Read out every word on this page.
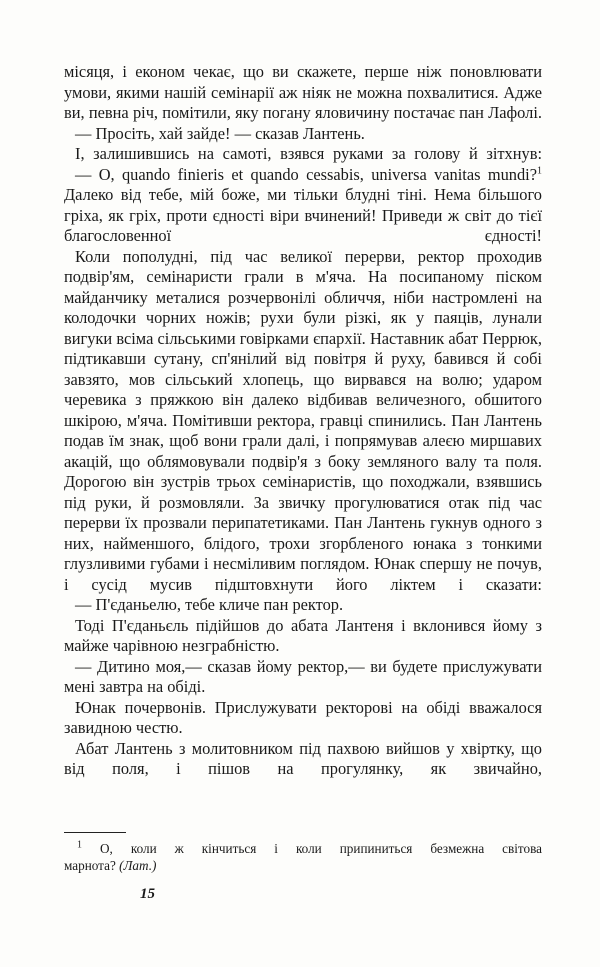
місяця, і економ чекає, що ви скажете, перше ніж поновлювати умови, якими нашій семінарії аж ніяк не можна похвалитися. Адже ви, певна річ, помітили, яку погану яловичину постачає пан Лафолі.

— Просіть, хай зайде! — сказав Лантень.

І, залишившись на самоті, взявся руками за голову й зітхнув:

— О, quando finieris et quando cessabis, universa vanitas mundi?$^1$ Далеко від тебе, мій боже, ми тільки блудні тіні. Нема більшого гріха, як гріх, проти єдності віри вчинений! Приведи ж світ до тієї благословенної єдності!

Коли пополудні, під час великої перерви, ректор проходив подвір'ям, семінаристи грали в м'яча. На посипаному піском майданчику металися розчервонілі обличчя, ніби настромлені на колодочки чорних ножів; рухи були різкі, як у паяців, лунали вигуки всіма сільськими говірками єпархії. Наставник абат Перрюк, підтикавши сутану, сп'янілий від повітря й руху, бавився й собі завзято, мов сільський хлопець, що вирвався на волю; ударом черевика з пряжкою він далеко відбивав величезного, обшитого шкірою, м'яча. Помітивши ректора, гравці спинились. Пан Лантень подав їм знак, щоб вони грали далі, і попрямував алеєю миршавих акацій, що облямовували подвір'я з боку земляного валу та поля. Дорогою він зустрів трьох семінаристів, що походжали, взявшись під руки, й розмовляли. За звичку прогулюватися отак під час перерви їх прозвали перипатетиками. Пан Лантень гукнув одного з них, найменшого, блідого, трохи згорбленого юнака з тонкими глузливими губами і несміливим поглядом. Юнак спершу не почув, і сусід мусив підштовхнути його ліктем і сказати:

— П'єданьелю, тебе кличе пан ректор.

Тоді П'єданьєль підійшов до абата Лантеня і вклонився йому з майже чарівною незграбністю.

— Дитино моя,— сказав йому ректор,— ви будете прислужувати мені завтра на обіді.

Юнак почервонів. Прислужувати ректорові на обіді вважалося завидною честю.

Абат Лантень з молитовником під пахвою вийшов у хвіртку, що від поля, і пішов на прогулянку, як звичайно,

$^1$ О, коли ж кінчиться і коли припиниться безмежна світова
марнота? (Лат.)
15
